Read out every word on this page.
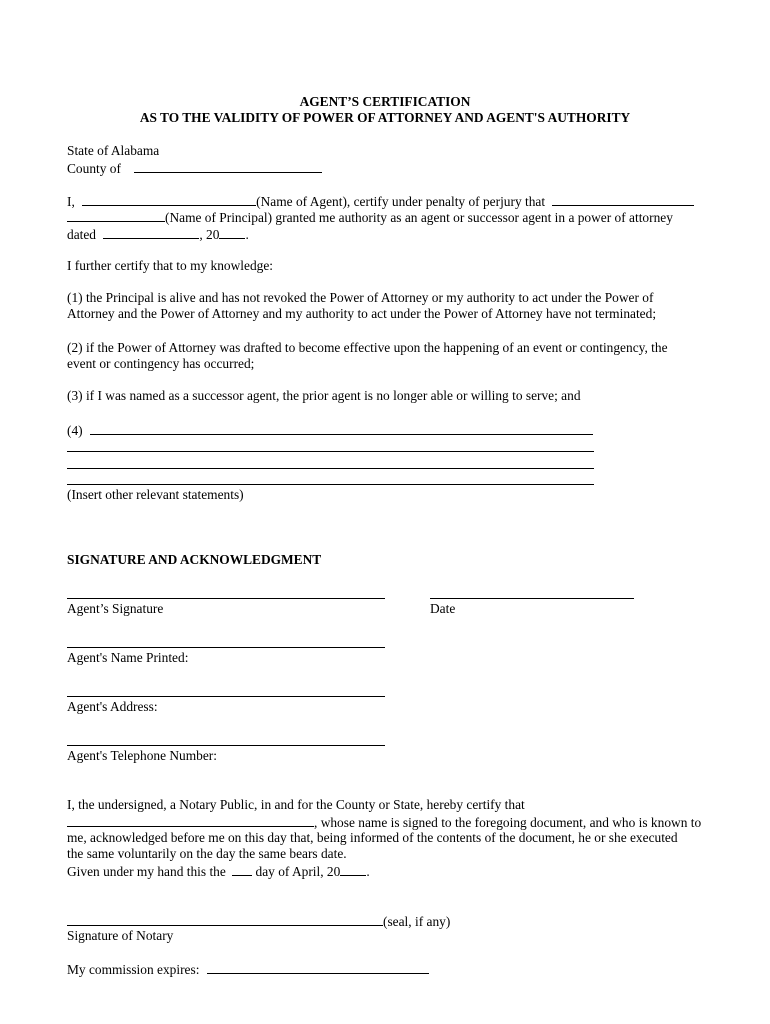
AGENT’S CERTIFICATION
AS TO THE VALIDITY OF POWER OF ATTORNEY AND AGENT'S AUTHORITY
State of Alabama
County of
I,	(Name of Agent), certify under penalty of perjury that
(Name of Principal) granted me authority as an agent or successor agent in a power of attorney
dated	, 20 .
I further certify that to my knowledge:
(1) the Principal is alive and has not revoked the Power of Attorney or my authority to act under the Power of
Attorney and the Power of Attorney and my authority to act under the Power of Attorney have not terminated;
(2) if the Power of Attorney was drafted to become effective upon the happening of an event or contingency, the
event or contingency has occurred;
(3) if I was named as a successor agent, the prior agent is no longer able or willing to serve; and
(4)
(Insert other relevant statements)
SIGNATURE AND ACKNOWLEDGMENT
Agent’s Signature	Date
Agent's Name Printed:
Agent's Address:
Agent's Telephone Number:
I, the undersigned, a Notary Public, in and for the County or State, hereby certify that
, whose name is signed to the foregoing document, and who is known to
me, acknowledged before me on this day that, being informed of the contents of the document, he or she executed
the same voluntarily on the day the same bears date.
Given under my hand this the day of April, 20 .
(seal, if any)
Signature of Notary
My commission expires:
